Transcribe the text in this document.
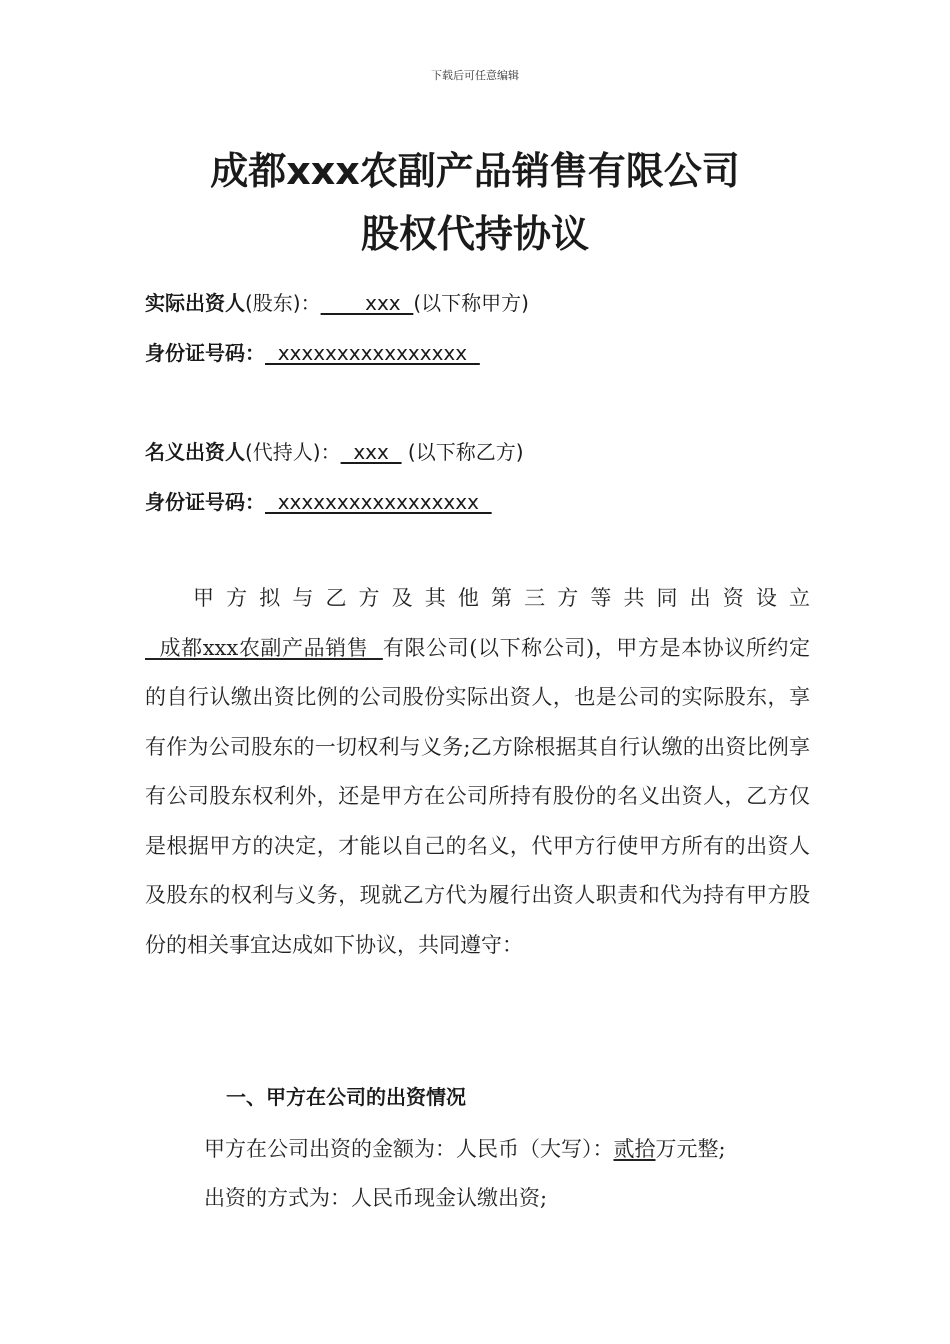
下载后可任意编辑
成都xxx农副产品销售有限公司
股权代持协议
实际出资人(股东)：       xxx  (以下称甲方)
身份证号码：  xxxxxxxxxxxxxxxx
名义出资人(代持人)：  xxx   (以下称乙方)
身份证号码：  xxxxxxxxxxxxxxxxx
甲方拟与乙方及其他第三方等共同出资设立  成都xxx农副产品销售  有限公司(以下称公司)，甲方是本协议所约定的自行认缴出资比例的公司股份实际出资人，也是公司的实际股东，享有作为公司股东的一切权利与义务;乙方除根据其自行认缴的出资比例享有公司股东权利外，还是甲方在公司所持有股份的名义出资人，乙方仅是根据甲方的决定，才能以自己的名义，代甲方行使甲方所有的出资人及股东的权利与义务，现就乙方代为履行出资人职责和代为持有甲方股份的相关事宜达成如下协议，共同遵守：
一、甲方在公司的出资情况
甲方在公司出资的金额为：人民币（大写）：贰拾万元整;
出资的方式为：人民币现金认缴出资;
